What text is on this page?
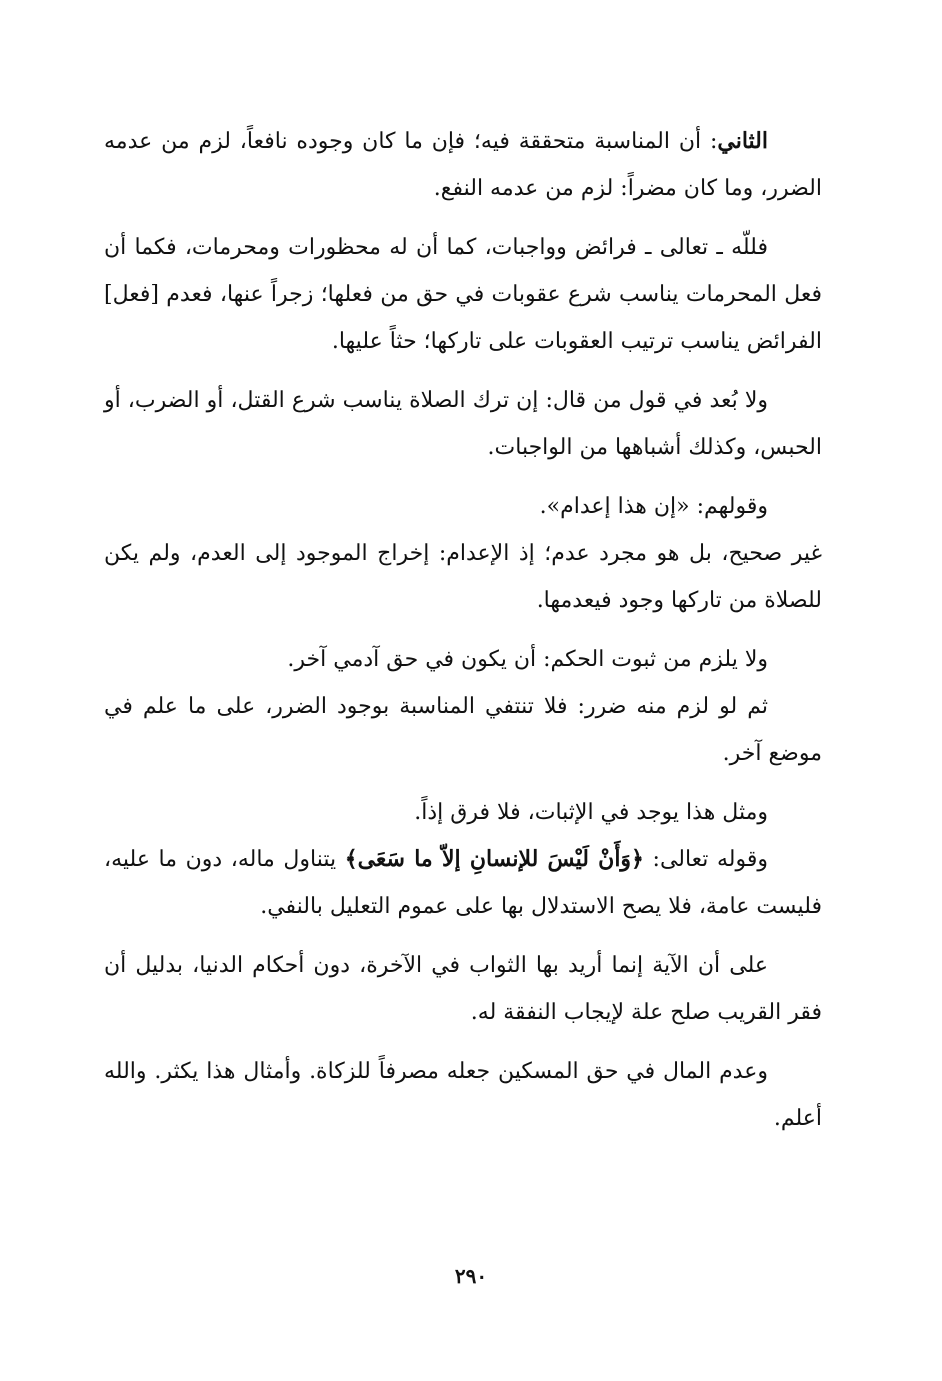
الثاني: أن المناسبة متحققة فيه؛ فإن ما كان وجوده نافعاً، لزم من عدمه الضرر، وما كان مضراً: لزم من عدمه النفع.

فللّه ـ تعالى ـ فرائض وواجبات، كما أن له محظورات ومحرمات، فكما أن فعل المحرمات يناسب شرع عقوبات في حق من فعلها؛ زجراً عنها، فعدم [فعل] الفرائض يناسب ترتيب العقوبات على تاركها؛ حثاً عليها.

ولا بُعد في قول من قال: إن ترك الصلاة يناسب شرع القتل، أو الضرب، أو الحبس، وكذلك أشباهها من الواجبات.

وقولهم: «إن هذا إعدام».

غير صحيح، بل هو مجرد عدم؛ إذ الإعدام: إخراج الموجود إلى العدم، ولم يكن للصلاة من تاركها وجود فيعدمها.

ولا يلزم من ثبوت الحكم: أن يكون في حق آدمي آخر.

ثم لو لزم منه ضرر: فلا تنتفي المناسبة بوجود الضرر، على ما علم في موضع آخر.

ومثل هذا يوجد في الإثبات، فلا فرق إذاً.

وقوله تعالى: ﴿وَأَنْ لَيْسَ للإنسانِ إلاّ ما سَعَى﴾ يتناول ماله، دون ما عليه، فليست عامة، فلا يصح الاستدلال بها على عموم التعليل بالنفي.

على أن الآية إنما أريد بها الثواب في الآخرة، دون أحكام الدنيا، بدليل أن فقر القريب صلح علة لإيجاب النفقة له.

وعدم المال في حق المسكين جعله مصرفاً للزكاة. وأمثال هذا يكثر. والله أعلم.

٢٩٠
